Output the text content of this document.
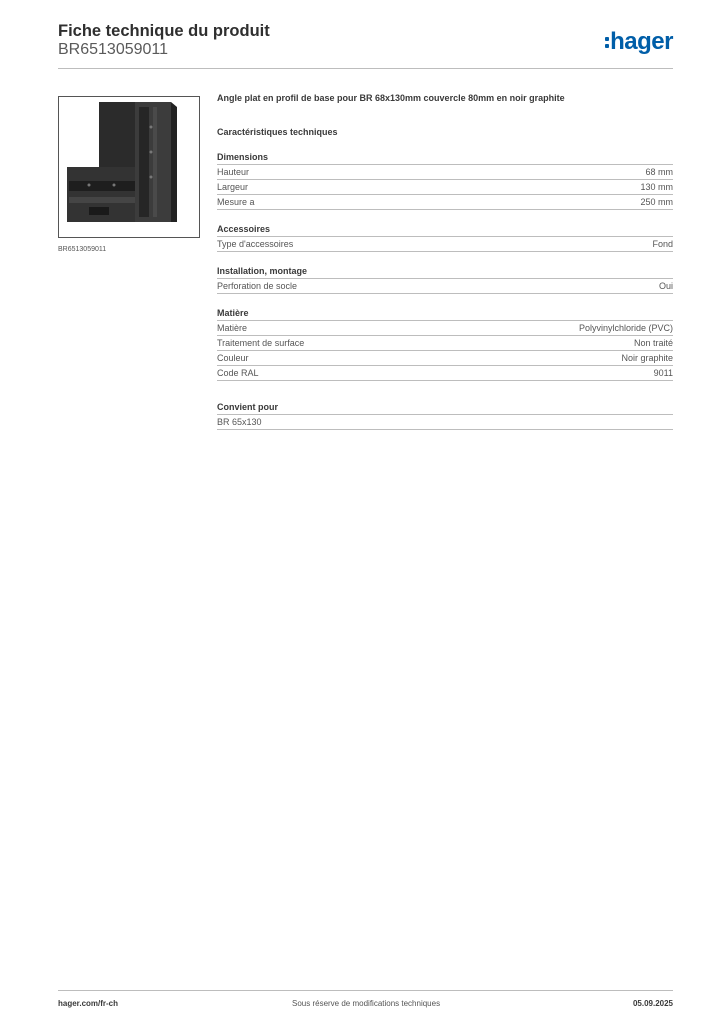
Fiche technique du produit
BR6513059011	hager
BR6513059011
Angle plat en profil de base pour BR 68x130mm couvercle 80mm en noir graphite
Caractéristiques techniques
Dimensions
Hauteur	68 mm
Largeur	130 mm
Mesure a	250 mm
Accessoires
Type d'accessoires	Fond
Installation, montage
Perforation de socle	Oui
Matière
Matière	Polyvinylchloride (PVC)
Traitement de surface	Non traité
Couleur	Noir graphite
Code RAL	9011
Convient pour
BR 65x130
hager.com/fr-ch	Sous réserve de modifications techniques	05.09.2025
